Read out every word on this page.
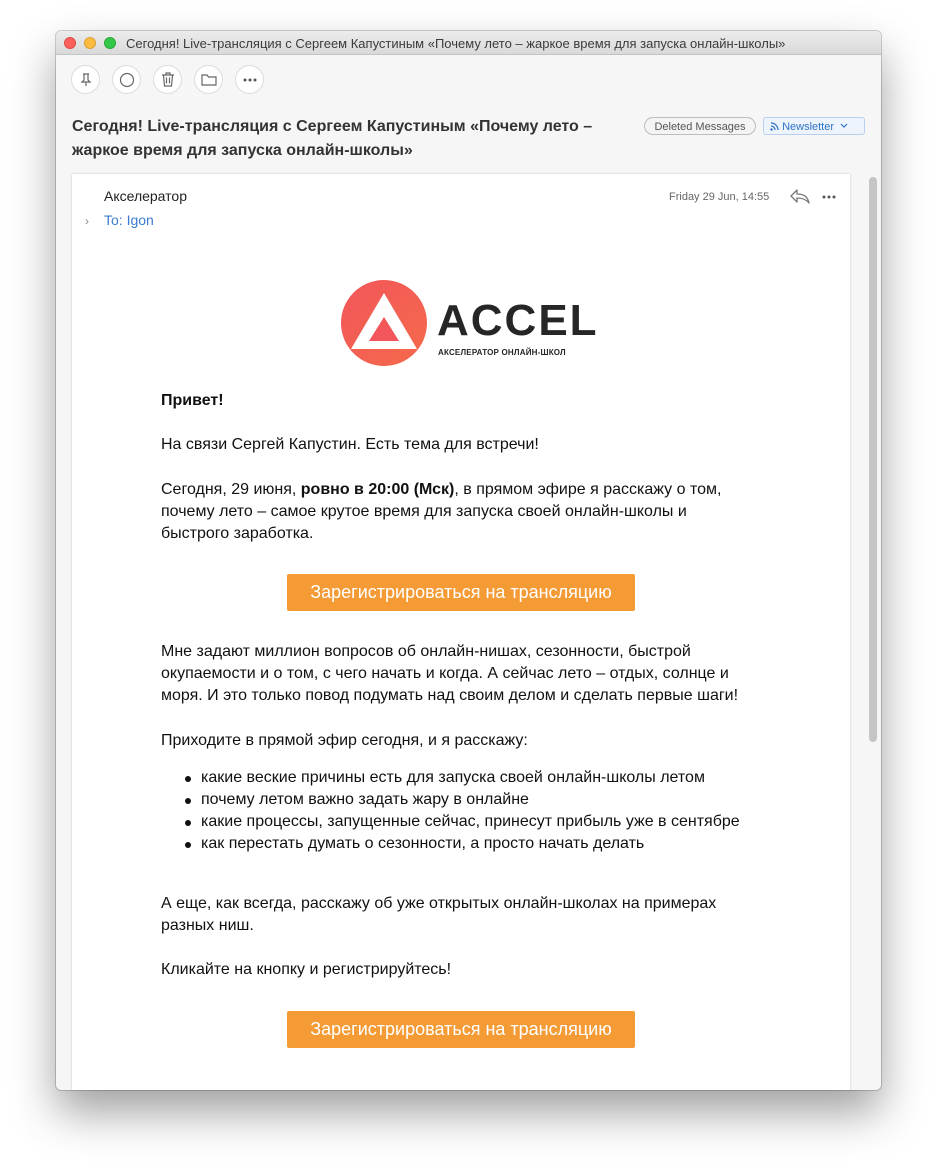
Сегодня! Live-трансляция с Сергеем Капустиным «Почему лето – жаркое время для запуска онлайн-школы»
Сегодня! Live-трансляция с Сергеем Капустиным «Почему лето –
жаркое время для запуска онлайн-школы»
Deleted Messages	Newsletter
Акселератор
› To: Igon
Friday 29 Jun, 14:55
ACCEL
АКСЕЛЕРАТОР ОНЛАЙН-ШКОЛ

Привет!

На связи Сергей Капустин. Есть тема для встречи!

Сегодня, 29 июня, ровно в 20:00 (Мск), в прямом эфире я расскажу о том,
почему лето – самое крутое время для запуска своей онлайн-школы и
быстрого заработка.

Зарегистрироваться на трансляцию

Мне задают миллион вопросов об онлайн-нишах, сезонности, быстрой
окупаемости и о том, с чего начать и когда. А сейчас лето – отдых, солнце и
моря. И это только повод подумать над своим делом и сделать первые шаги!

Приходите в прямой эфир сегодня, и я расскажу:

какие веские причины есть для запуска своей онлайн-школы летом
почему летом важно задать жару в онлайне
какие процессы, запущенные сейчас, принесут прибыль уже в сентябре
как перестать думать о сезонности, а просто начать делать

А еще, как всегда, расскажу об уже открытых онлайн-школах на примерах
разных ниш.

Кликайте на кнопку и регистрируйтесь!

Зарегистрироваться на трансляцию
